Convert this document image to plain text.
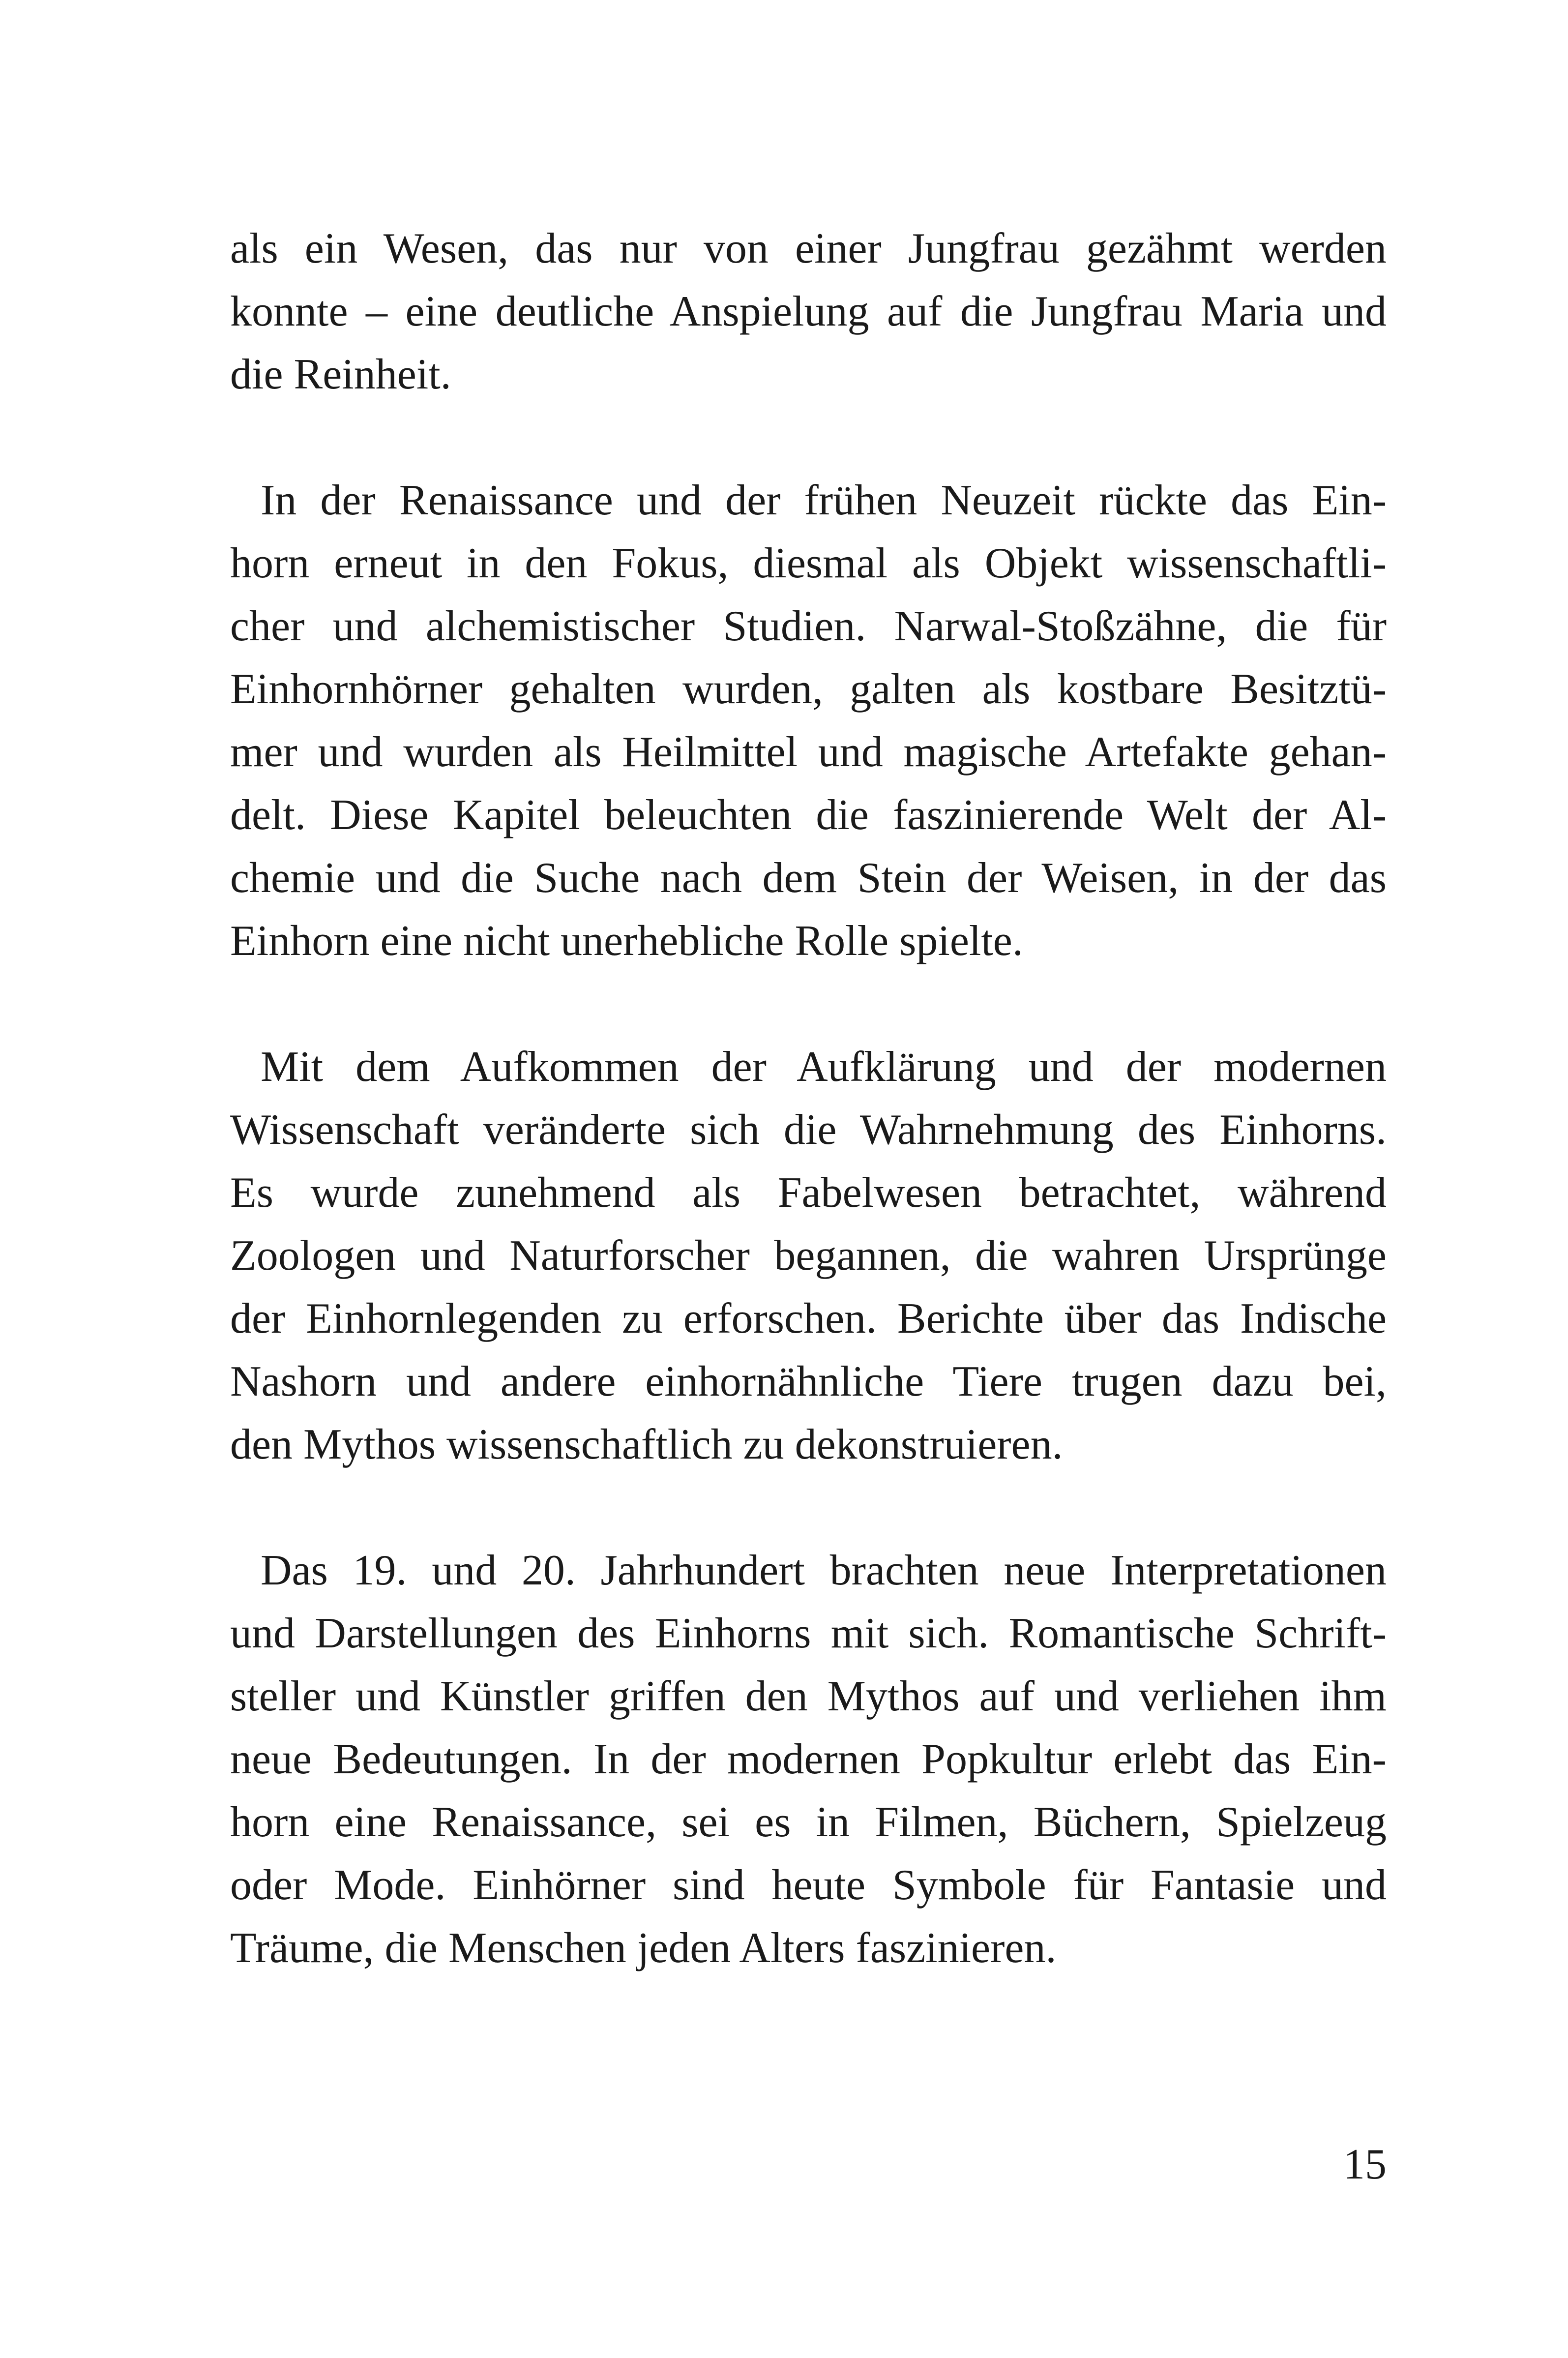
als ein Wesen, das nur von einer Jungfrau gezähmt werden
konnte – eine deutliche Anspielung auf die Jungfrau Maria und
die Reinheit.
In der Renaissance und der frühen Neuzeit rückte das Ein-
horn erneut in den Fokus, diesmal als Objekt wissenschaftli-
cher und alchemistischer Studien. Narwal-Stoßzähne, die für
Einhornhörner gehalten wurden, galten als kostbare Besitztü-
mer und wurden als Heilmittel und magische Artefakte gehan-
delt. Diese Kapitel beleuchten die faszinierende Welt der Al-
chemie und die Suche nach dem Stein der Weisen, in der das
Einhorn eine nicht unerhebliche Rolle spielte.
Mit dem Aufkommen der Aufklärung und der modernen
Wissenschaft veränderte sich die Wahrnehmung des Einhorns.
Es wurde zunehmend als Fabelwesen betrachtet, während
Zoologen und Naturforscher begannen, die wahren Ursprünge
der Einhornlegenden zu erforschen. Berichte über das Indische
Nashorn und andere einhornähnliche Tiere trugen dazu bei,
den Mythos wissenschaftlich zu dekonstruieren.
Das 19. und 20. Jahrhundert brachten neue Interpretationen
und Darstellungen des Einhorns mit sich. Romantische Schrift-
steller und Künstler griffen den Mythos auf und verliehen ihm
neue Bedeutungen. In der modernen Popkultur erlebt das Ein-
horn eine Renaissance, sei es in Filmen, Büchern, Spielzeug
oder Mode. Einhörner sind heute Symbole für Fantasie und
Träume, die Menschen jeden Alters faszinieren.
15
